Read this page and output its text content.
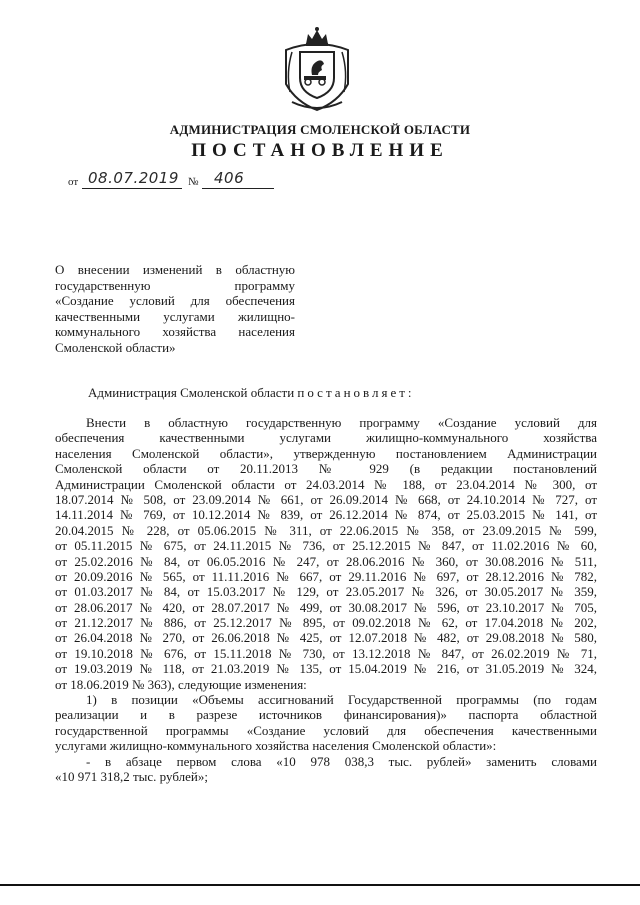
АДМИНИСТРАЦИЯ СМОЛЕНСКОЙ ОБЛАСТИ
ПОСТАНОВЛЕНИЕ
от 08.07.2019 № 406
О внесении изменений в областную
государственную программу
«Создание условий для обеспечения
качественными услугами жилищно-
коммунального хозяйства населения
Смоленской области»
Администрация Смоленской области постановляет:
Внести в областную государственную программу «Создание условий для
обеспечения качественными услугами жилищно-коммунального хозяйства
населения Смоленской области», утвержденную постановлением Администрации
Смоленской области от 20.11.2013 № 929 (в редакции постановлений
Администрации Смоленской области от 24.03.2014 № 188, от 23.04.2014 № 300, от
18.07.2014 № 508, от 23.09.2014 № 661, от 26.09.2014 № 668, от 24.10.2014 № 727, от
14.11.2014 № 769, от 10.12.2014 № 839, от 26.12.2014 № 874, от 25.03.2015 № 141, от
20.04.2015 № 228, от 05.06.2015 № 311, от 22.06.2015 № 358, от 23.09.2015 № 599,
от 05.11.2015 № 675, от 24.11.2015 № 736, от 25.12.2015 № 847, от 11.02.2016 № 60,
от 25.02.2016 № 84, от 06.05.2016 № 247, от 28.06.2016 № 360, от 30.08.2016 № 511,
от 20.09.2016 № 565, от 11.11.2016 № 667, от 29.11.2016 № 697, от 28.12.2016 № 782,
от 01.03.2017 № 84, от 15.03.2017 № 129, от 23.05.2017 № 326, от 30.05.2017 № 359,
от 28.06.2017 № 420, от 28.07.2017 № 499, от 30.08.2017 № 596, от 23.10.2017 № 705,
от 21.12.2017 № 886, от 25.12.2017 № 895, от 09.02.2018 № 62, от 17.04.2018 № 202,
от 26.04.2018 № 270, от 26.06.2018 № 425, от 12.07.2018 № 482, от 29.08.2018 № 580,
от 19.10.2018 № 676, от 15.11.2018 № 730, от 13.12.2018 № 847, от 26.02.2019 № 71,
от 19.03.2019 № 118, от 21.03.2019 № 135, от 15.04.2019 № 216, от 31.05.2019 № 324,
от 18.06.2019 № 363), следующие изменения:
1) в позиции «Объемы ассигнований Государственной программы (по годам
реализации и в разрезе источников финансирования)» паспорта областной
государственной программы «Создание условий для обеспечения качественными
услугами жилищно-коммунального хозяйства населения Смоленской области»:
- в абзаце первом слова «10 978 038,3 тыс. рублей» заменить словами
«10 971 318,2 тыс. рублей»;
